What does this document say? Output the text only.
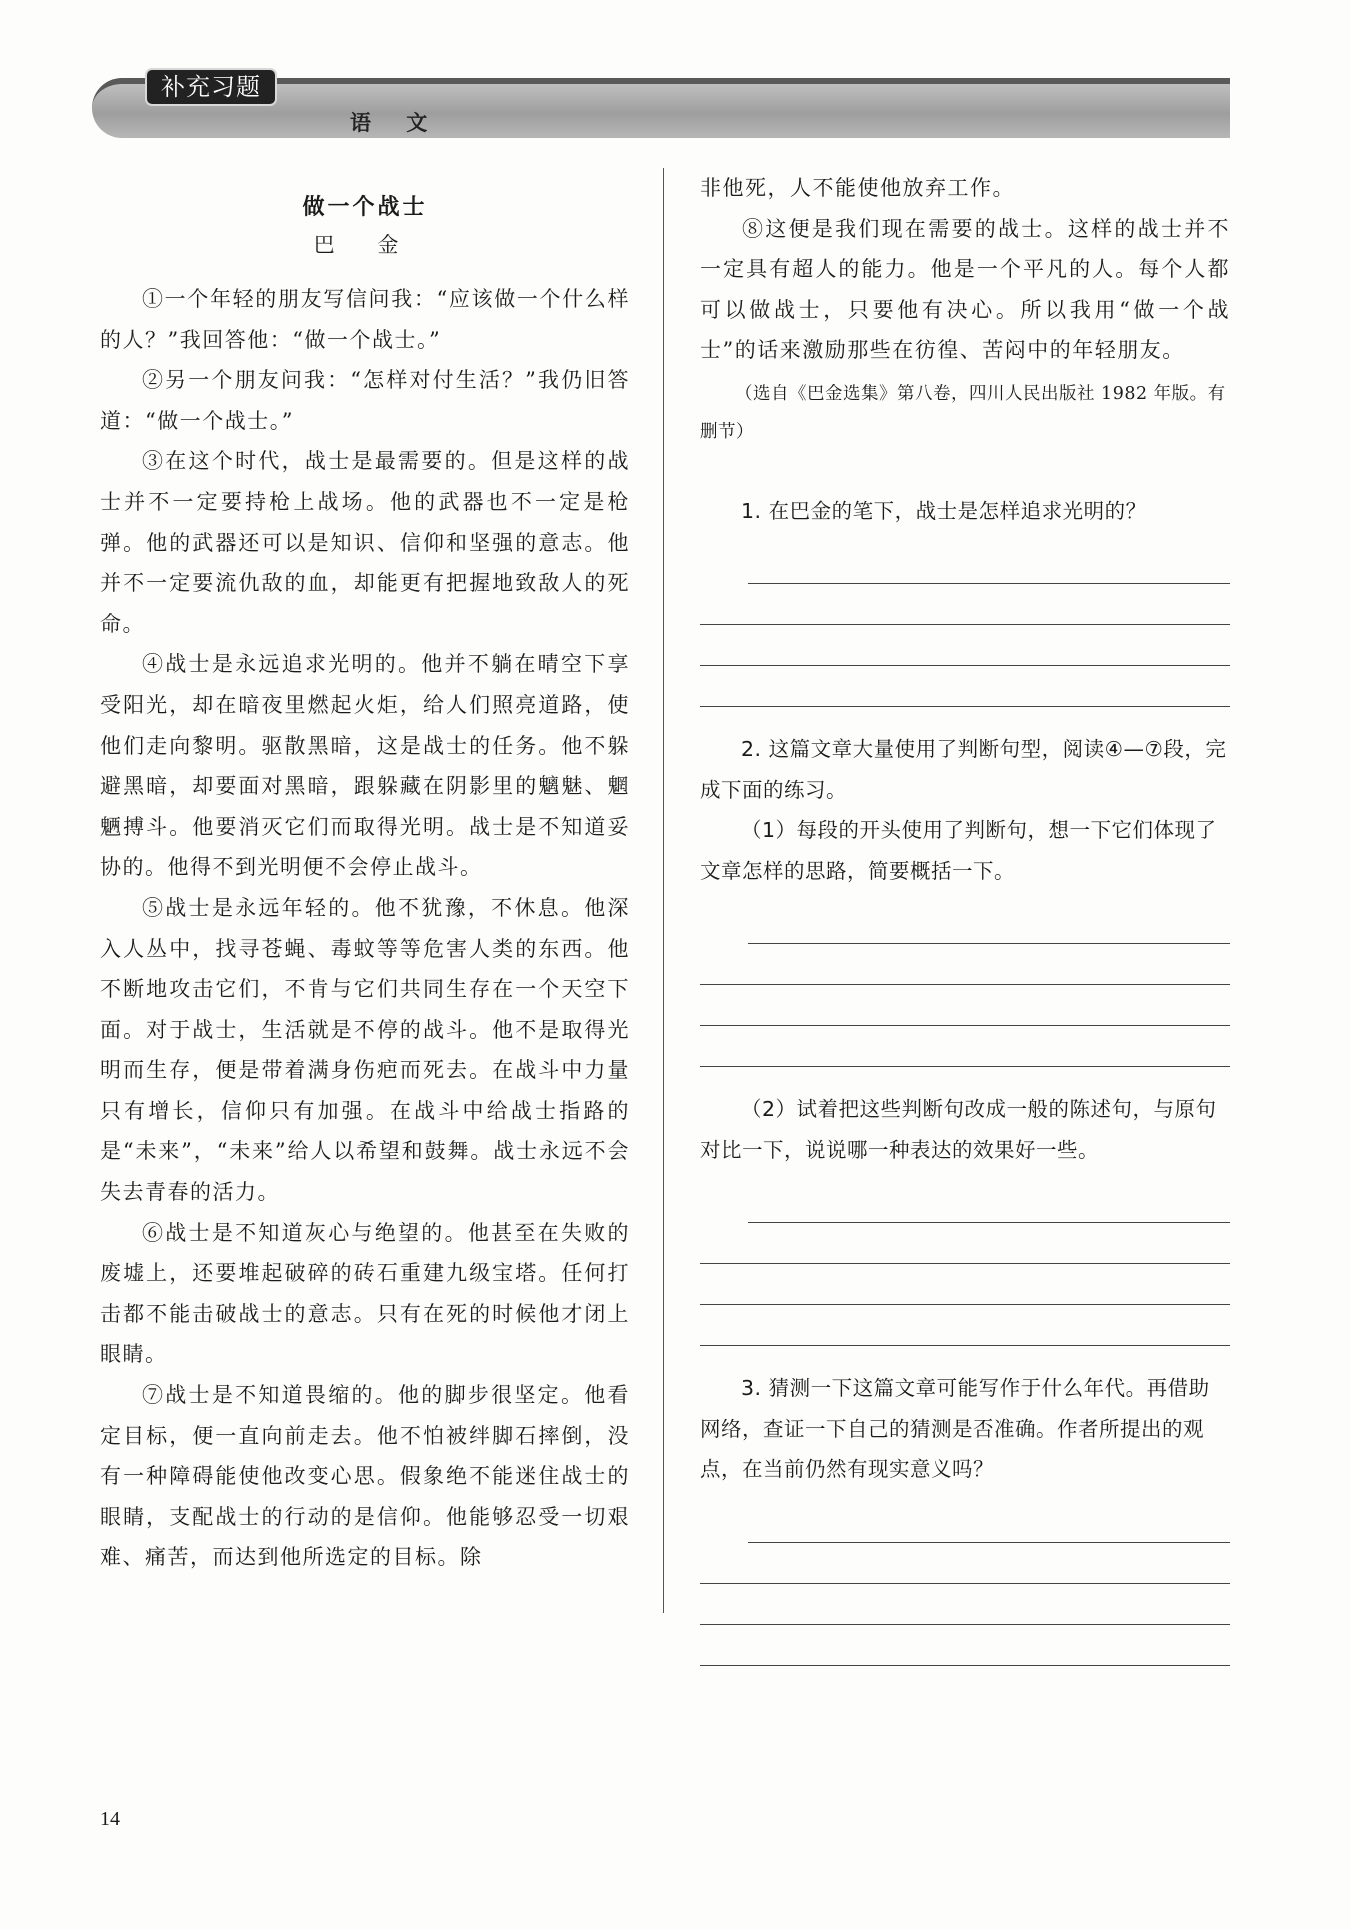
补充习题
语 文
做一个战士
巴 金

①一个年轻的朋友写信问我：“应该做一个什么样的人？”我回答他：“做一个战士。”

②另一个朋友问我：“怎样对付生活？”我仍旧答道：“做一个战士。”

③在这个时代，战士是最需要的。但是这样的战士并不一定要持枪上战场。他的武器也不一定是枪弹。他的武器还可以是知识、信仰和坚强的意志。他并不一定要流仇敌的血，却能更有把握地致敌人的死命。

④战士是永远追求光明的。他并不躺在晴空下享受阳光，却在暗夜里燃起火炬，给人们照亮道路，使他们走向黎明。驱散黑暗，这是战士的任务。他不躲避黑暗，却要面对黑暗，跟躲藏在阴影里的魑魅、魍魉搏斗。他要消灭它们而取得光明。战士是不知道妥协的。他得不到光明便不会停止战斗。

⑤战士是永远年轻的。他不犹豫，不休息。他深入人丛中，找寻苍蝇、毒蚊等等危害人类的东西。他不断地攻击它们，不肯与它们共同生存在一个天空下面。对于战士，生活就是不停的战斗。他不是取得光明而生存，便是带着满身伤疤而死去。在战斗中力量只有增长，信仰只有加强。在战斗中给战士指路的是“未来”，“未来”给人以希望和鼓舞。战士永远不会失去青春的活力。

⑥战士是不知道灰心与绝望的。他甚至在失败的废墟上，还要堆起破碎的砖石重建九级宝塔。任何打击都不能击破战士的意志。只有在死的时候他才闭上眼睛。

⑦战士是不知道畏缩的。他的脚步很坚定。他看定目标，便一直向前走去。他不怕被绊脚石摔倒，没有一种障碍能使他改变心思。假象绝不能迷住战士的眼睛，支配战士的行动的是信仰。他能够忍受一切艰难、痛苦，而达到他所选定的目标。除

非他死，人不能使他放弃工作。

⑧这便是我们现在需要的战士。这样的战士并不一定具有超人的能力。他是一个平凡的人。每个人都可以做战士，只要他有决心。所以我用“做一个战士”的话来激励那些在彷徨、苦闷中的年轻朋友。

（选自《巴金选集》第八卷，四川人民出版社 1982 年版。有删节）

1. 在巴金的笔下，战士是怎样追求光明的？

2. 这篇文章大量使用了判断句型，阅读④—⑦段，完成下面的练习。

（1）每段的开头使用了判断句，想一下它们体现了文章怎样的思路，简要概括一下。

（2）试着把这些判断句改成一般的陈述句，与原句对比一下，说说哪一种表达的效果好一些。

3. 猜测一下这篇文章可能写作于什么年代。再借助网络，查证一下自己的猜测是否准确。作者所提出的观点，在当前仍然有现实意义吗？

14
